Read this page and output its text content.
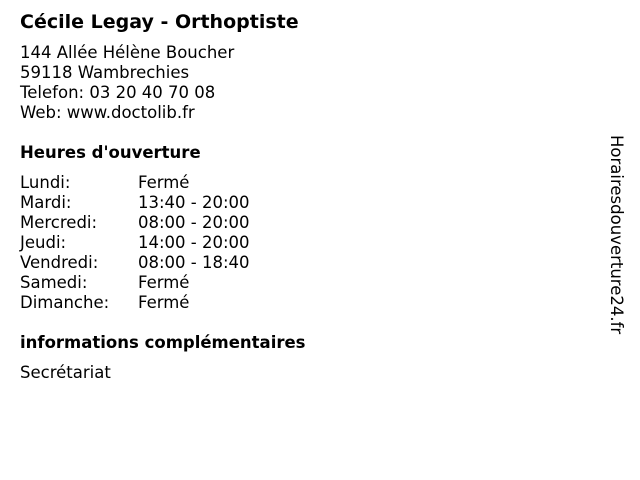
Cécile Legay - Orthoptiste
144 Allée Hélène Boucher
59118 Wambrechies
Telefon: 03 20 40 70 08
Web: www.doctolib.fr
Heures d'ouverture
Lundi:	Fermé
Mardi:	13:40 - 20:00
Mercredi:	08:00 - 20:00
Jeudi:	14:00 - 20:00
Vendredi:	08:00 - 18:40
Samedi:	Fermé
Dimanche:	Fermé
informations complémentaires
Secrétariat
Horairesdouverture24.fr
